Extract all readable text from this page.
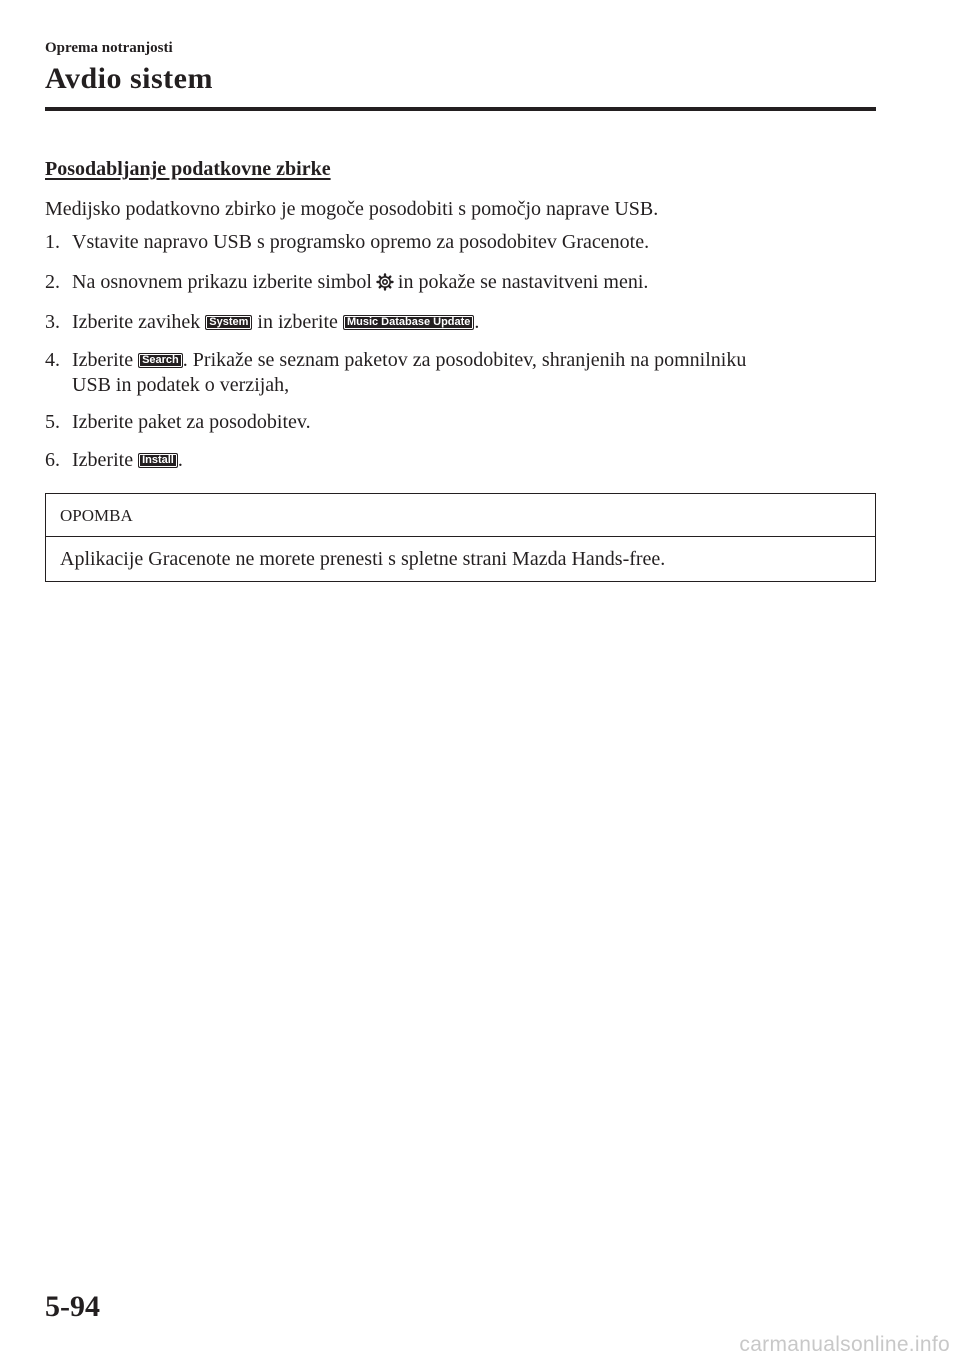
Oprema notranjosti
Avdio sistem
Posodabljanje podatkovne zbirke
Medijsko podatkovno zbirko je mogoče posodobiti s pomočjo naprave USB.
1. Vstavite napravo USB s programsko opremo za posodobitev Gracenote.
2. Na osnovnem prikazu izberite simbol in pokaže se nastavitveni meni.
3. Izberite zavihek System in izberite Music Database Update .
4. Izberite Search . Prikaže se seznam paketov za posodobitev, shranjenih na pomnilniku
USB in podatek o verzijah,
5. Izberite paket za posodobitev.
6. Izberite Install .
OPOMBA
Aplikacije Gracenote ne morete prenesti s spletne strani Mazda Hands-free.
5-94
carmanualsonline.info
